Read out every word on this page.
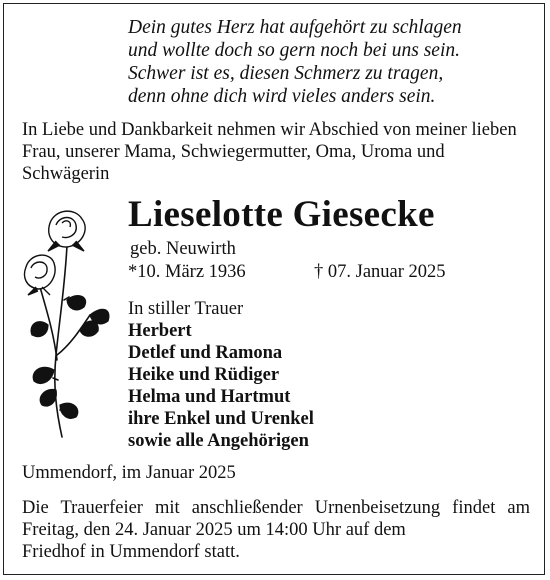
Dein gutes Herz hat aufgehört zu schlagen
und wollte doch so gern noch bei uns sein.
Schwer ist es, diesen Schmerz zu tragen,
denn ohne dich wird vieles anders sein.
In Liebe und Dankbarkeit nehmen wir Abschied von meiner lieben Frau, unserer Mama, Schwiegermutter, Oma, Uroma und Schwägerin
Lieselotte Giesecke
geb. Neuwirth
*10. März 1936	† 07. Januar 2025
In stiller Trauer
Herbert
Detlef und Ramona
Heike und Rüdiger
Helma und Hartmut
ihre Enkel und Urenkel
sowie alle Angehörigen
Ummendorf, im Januar 2025
Die Trauerfeier mit anschließender Urnenbeisetzung findet am Freitag, den 24. Januar 2025 um 14:00 Uhr auf dem
Friedhof in Ummendorf statt.
